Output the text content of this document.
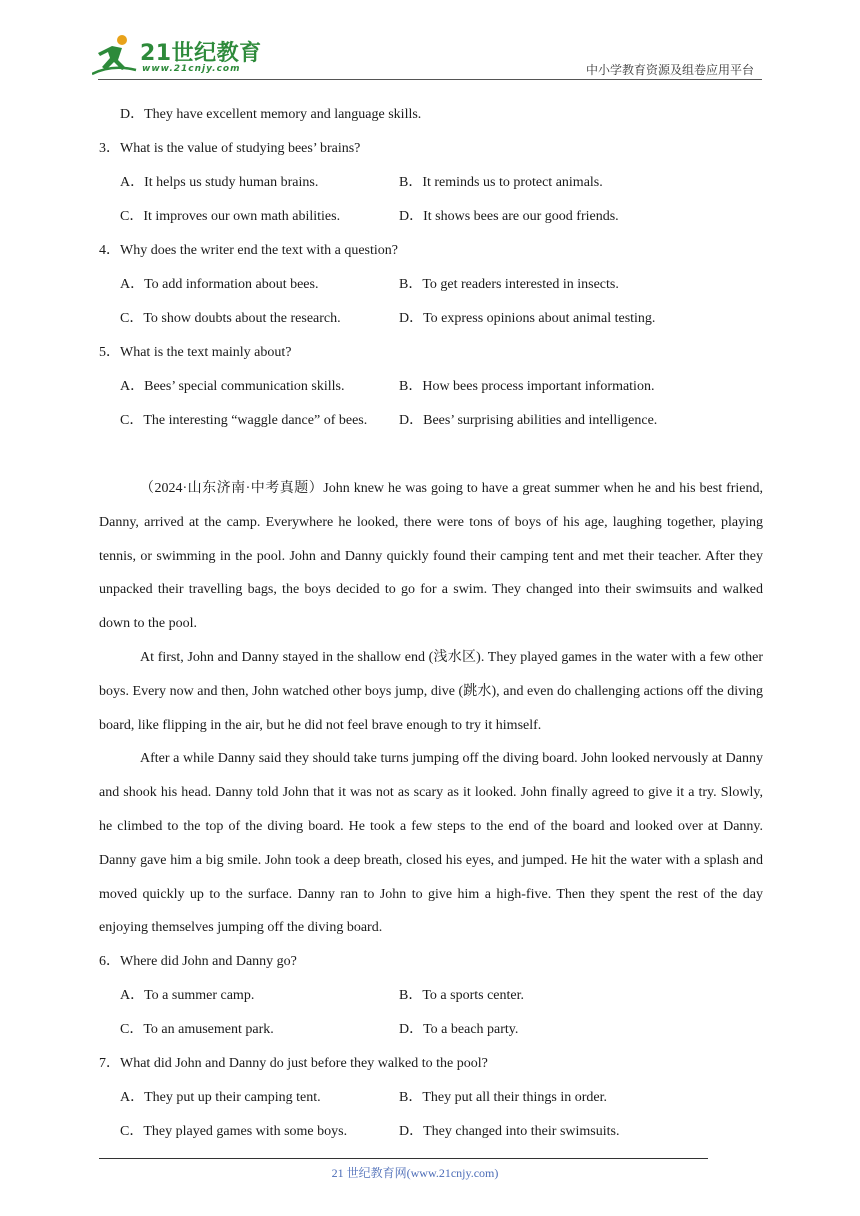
21世纪教育
www.21cnjy.com	中小学教育资源及组卷应用平台
D．They have excellent memory and language skills.
3．What is the value of studying bees’ brains?
A．It helps us study human brains.	B．It reminds us to protect animals.
C．It improves our own math abilities.	D．It shows bees are our good friends.
4．Why does the writer end the text with a question?
A．To add information about bees.	B．To get readers interested in insects.
C．To show doubts about the research.	D．To express opinions about animal testing.
5．What is the text mainly about?
A．Bees’ special communication skills.	B．How bees process important information.
C．The interesting “waggle dance” of bees.	D．Bees’ surprising abilities and intelligence.

（2024·山东济南·中考真题）John knew he was going to have a great summer when he and his best friend, Danny, arrived at the camp. Everywhere he looked, there were tons of boys of his age, laughing together, playing tennis, or swimming in the pool. John and Danny quickly found their camping tent and met their teacher. After they unpacked their travelling bags, the boys decided to go for a swim. They changed into their swimsuits and walked down to the pool.

At first, John and Danny stayed in the shallow end (浅水区). They played games in the water with a few other boys. Every now and then, John watched other boys jump, dive (跳水), and even do challenging actions off the diving board, like flipping in the air, but he did not feel brave enough to try it himself.

After a while Danny said they should take turns jumping off the diving board. John looked nervously at Danny and shook his head. Danny told John that it was not as scary as it looked. John finally agreed to give it a try. Slowly, he climbed to the top of the diving board. He took a few steps to the end of the board and looked over at Danny. Danny gave him a big smile. John took a deep breath, closed his eyes, and jumped. He hit the water with a splash and moved quickly up to the surface. Danny ran to John to give him a high-five. Then they spent the rest of the day enjoying themselves jumping off the diving board.

6．Where did John and Danny go?
A．To a summer camp.	B．To a sports center.
C．To an amusement park.	D．To a beach party.
7．What did John and Danny do just before they walked to the pool?
A．They put up their camping tent.	B．They put all their things in order.
C．They played games with some boys.	D．They changed into their swimsuits.
21 世纪教育网(www.21cnjy.com)
